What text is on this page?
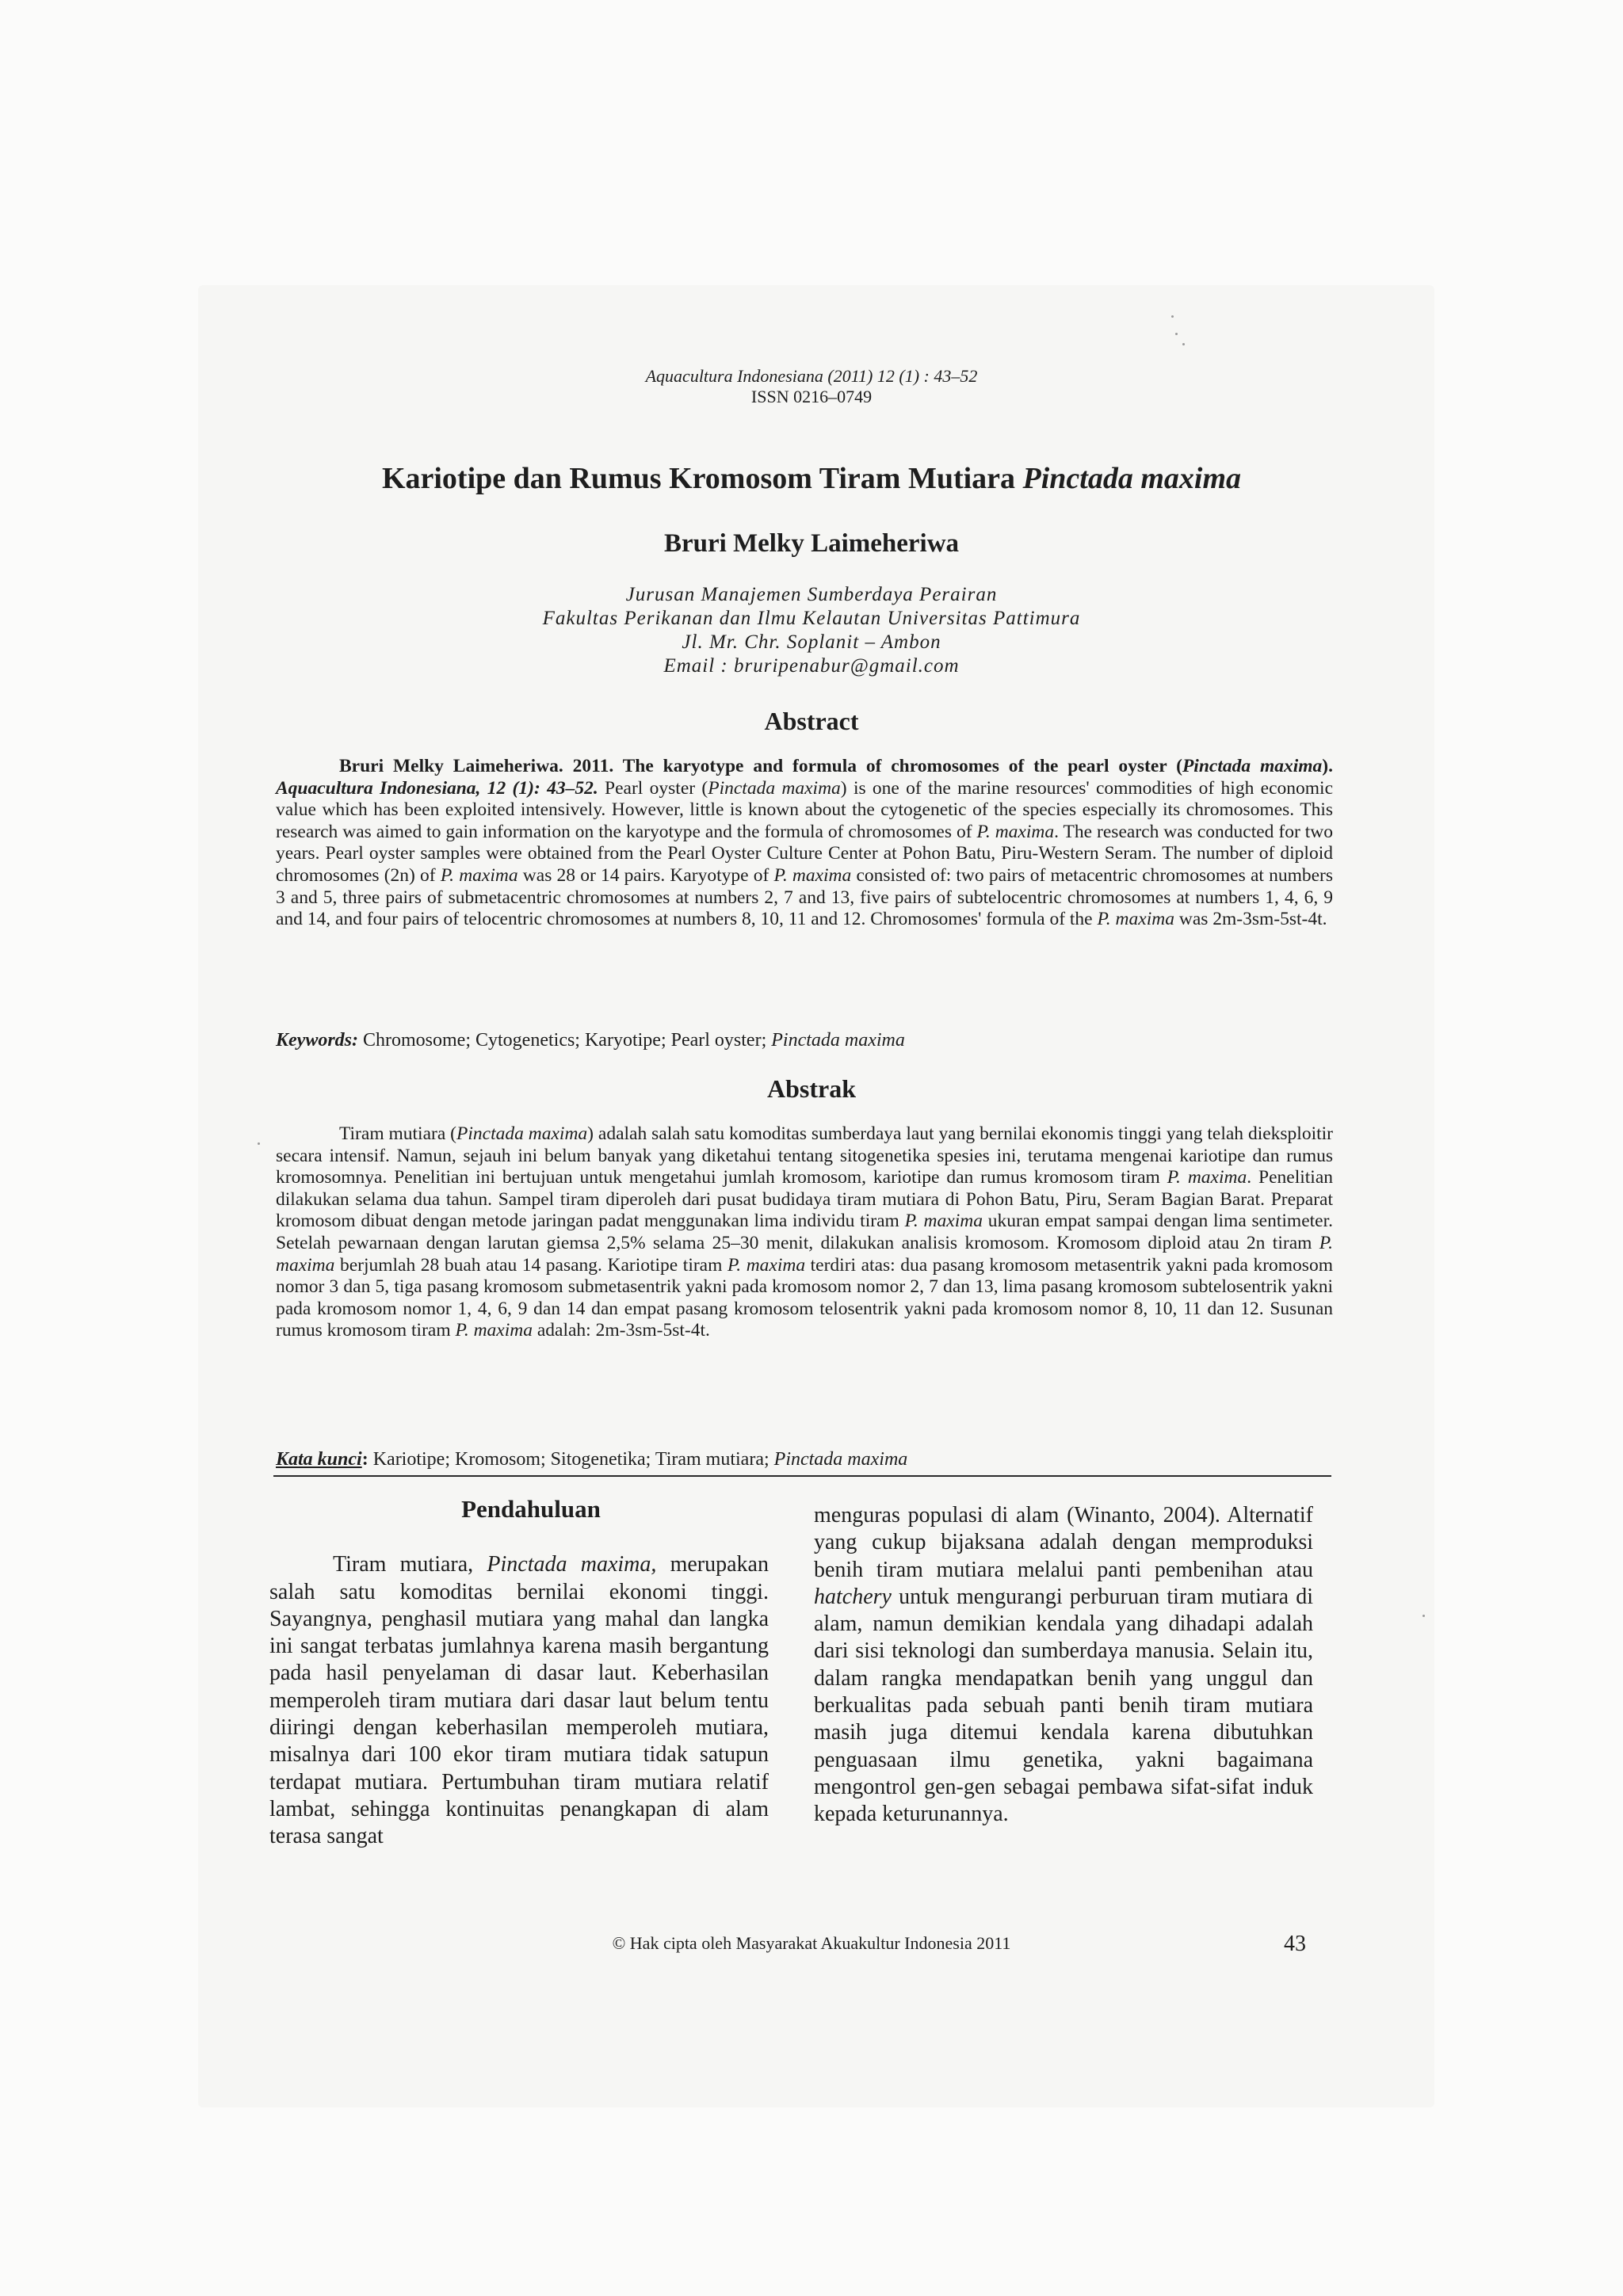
Aquacultura Indonesiana (2011) 12 (1) : 43–52
ISSN 0216–0749
Kariotipe dan Rumus Kromosom Tiram Mutiara Pinctada maxima
Bruri Melky Laimeheriwa
Jurusan Manajemen Sumberdaya Perairan
Fakultas Perikanan dan Ilmu Kelautan Universitas Pattimura
Jl. Mr. Chr. Soplanit – Ambon
Email : bruripenabur@gmail.com
Abstract
Bruri Melky Laimeheriwa. 2011. The karyotype and formula of chromosomes of the pearl oyster (Pinctada maxima). Aquacultura Indonesiana, 12 (1): 43–52. Pearl oyster (Pinctada maxima) is one of the marine resources' commodities of high economic value which has been exploited intensively. However, little is known about the cytogenetic of the species especially its chromosomes. This research was aimed to gain information on the karyotype and the formula of chromosomes of P. maxima. The research was conducted for two years. Pearl oyster samples were obtained from the Pearl Oyster Culture Center at Pohon Batu, Piru-Western Seram. The number of diploid chromosomes (2n) of P. maxima was 28 or 14 pairs. Karyotype of P. maxima consisted of: two pairs of metacentric chromosomes at numbers 3 and 5, three pairs of submetacentric chromosomes at numbers 2, 7 and 13, five pairs of subtelocentric chromosomes at numbers 1, 4, 6, 9 and 14, and four pairs of telocentric chromosomes at numbers 8, 10, 11 and 12. Chromosomes' formula of the P. maxima was 2m-3sm-5st-4t.
Keywords: Chromosome; Cytogenetics; Karyotipe; Pearl oyster; Pinctada maxima
Abstrak
Tiram mutiara (Pinctada maxima) adalah salah satu komoditas sumberdaya laut yang bernilai ekonomis tinggi yang telah dieksploitir secara intensif. Namun, sejauh ini belum banyak yang diketahui tentang sitogenetika spesies ini, terutama mengenai kariotipe dan rumus kromosomnya. Penelitian ini bertujuan untuk mengetahui jumlah kromosom, kariotipe dan rumus kromosom tiram P. maxima. Penelitian dilakukan selama dua tahun. Sampel tiram diperoleh dari pusat budidaya tiram mutiara di Pohon Batu, Piru, Seram Bagian Barat. Preparat kromosom dibuat dengan metode jaringan padat menggunakan lima individu tiram P. maxima ukuran empat sampai dengan lima sentimeter. Setelah pewarnaan dengan larutan giemsa 2,5% selama 25–30 menit, dilakukan analisis kromosom. Kromosom diploid atau 2n tiram P. maxima berjumlah 28 buah atau 14 pasang. Kariotipe tiram P. maxima terdiri atas: dua pasang kromosom metasentrik yakni pada kromosom nomor 3 dan 5, tiga pasang kromosom submetasentrik yakni pada kromosom nomor 2, 7 dan 13, lima pasang kromosom subtelosentrik yakni pada kromosom nomor 1, 4, 6, 9 dan 14 dan empat pasang kromosom telosentrik yakni pada kromosom nomor 8, 10, 11 dan 12. Susunan rumus kromosom tiram P. maxima adalah: 2m-3sm-5st-4t.
Kata kunci: Kariotipe; Kromosom; Sitogenetika; Tiram mutiara; Pinctada maxima
Pendahuluan
Tiram mutiara, Pinctada maxima, merupakan salah satu komoditas bernilai ekonomi tinggi. Sayangnya, penghasil mutiara yang mahal dan langka ini sangat terbatas jumlahnya karena masih bergantung pada hasil penyelaman di dasar laut. Keberhasilan memperoleh tiram mutiara dari dasar laut belum tentu diiringi dengan keberhasilan memperoleh mutiara, misalnya dari 100 ekor tiram mutiara tidak satupun terdapat mutiara. Pertumbuhan tiram mutiara relatif lambat, sehingga kontinuitas penangkapan di alam terasa sangat
menguras populasi di alam (Winanto, 2004). Alternatif yang cukup bijaksana adalah dengan memproduksi benih tiram mutiara melalui panti pembenihan atau hatchery untuk mengurangi perburuan tiram mutiara di alam, namun demikian kendala yang dihadapi adalah dari sisi teknologi dan sumberdaya manusia. Selain itu, dalam rangka mendapatkan benih yang unggul dan berkualitas pada sebuah panti benih tiram mutiara masih juga ditemui kendala karena dibutuhkan penguasaan ilmu genetika, yakni bagaimana mengontrol gen-gen sebagai pembawa sifat-sifat induk kepada keturunannya.
© Hak cipta oleh Masyarakat Akuakultur Indonesia 2011	43
